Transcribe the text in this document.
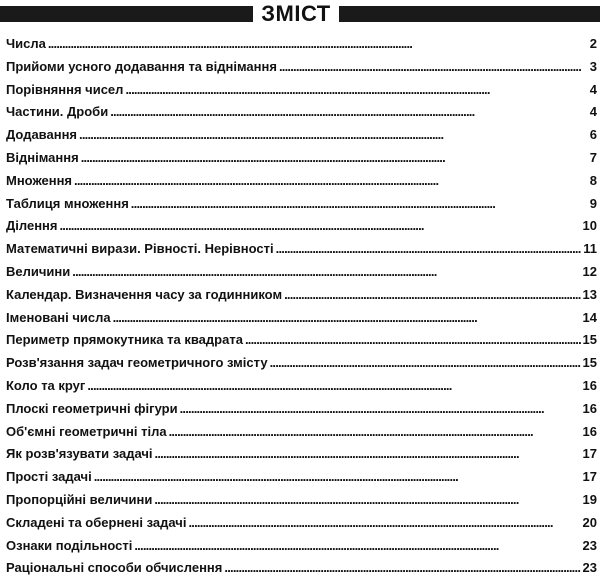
ЗМІСТ
Числа . . .	2
Прийоми усного додавання та віднімання . . .	3
Порівняння чисел . . .	4
Частини. Дроби . . .	4
Додавання . . .	6
Віднімання . . .	7
Множення . . .	8
Таблиця множення . . .	9
Ділення . . .	10
Математичні вирази. Рівності. Нерівності . . .	11
Величини . . .	12
Календар. Визначення часу за годинником . . .	13
Іменовані числа . . .	14
Периметр прямокутника та квадрата . . .	15
Розв'язання задач геометричного змісту . . .	15
Коло та круг . . .	16
Плоскі геометричні фігури . . .	16
Об'ємні геометричні тіла . . .	16
Як розв'язувати задачі . . .	17
Прості задачі . . .	17
Пропорційні величини . . .	19
Складені та обернені задачі . . .	20
Ознаки подільності . . .	23
Раціональні способи обчислення . . .	23
